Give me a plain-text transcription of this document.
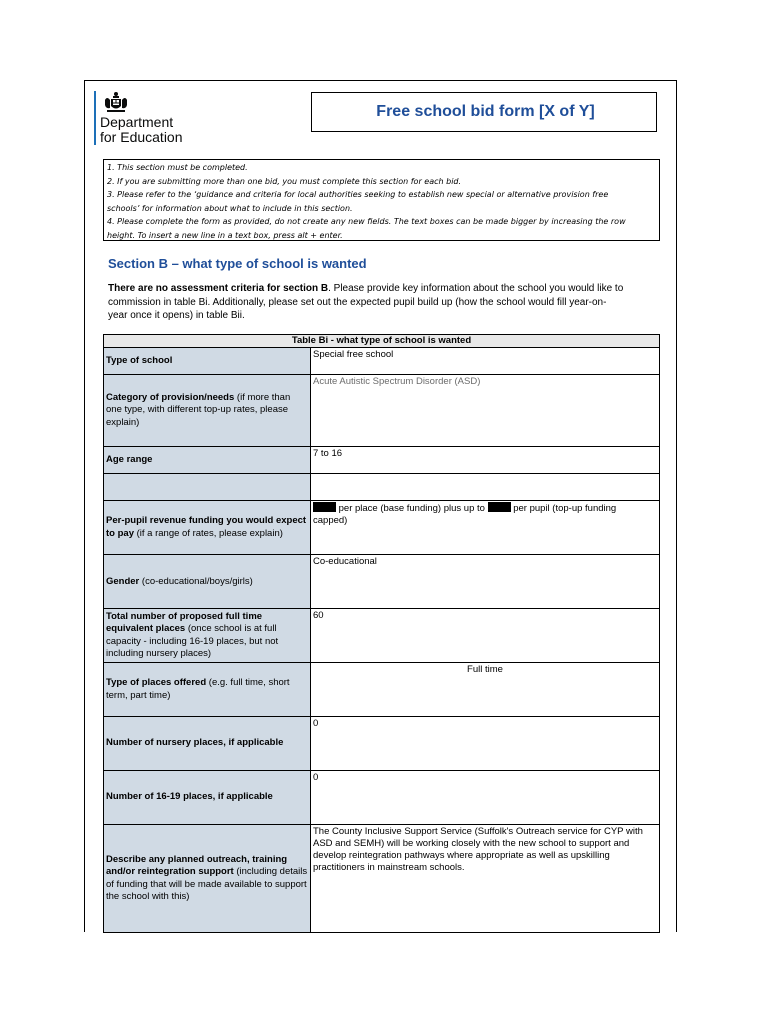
Department
for Education
Free school bid form [X of Y]
1. This section must be completed.
2. If you are submitting more than one bid, you must complete this section for each bid.
3. Please refer to the ‘guidance and criteria for local authorities seeking to establish new special or alternative provision free
schools’ for information about what to include in this section.
4. Please complete the form as provided, do not create any new fields. The text boxes can be made bigger by increasing the row
height. To insert a new line in a text box, press alt + enter.
Section B – what type of school is wanted
There are no assessment criteria for section B. Please provide key information about the school you would like to
commission in table Bi. Additionally, please set out the expected pupil build up (how the school would fill year-on-
year once it opens) in table Bii.
Table Bi - what type of school is wanted
Type of school
Special free school
Category of provision/needs (if more than one type, with different top-up rates, please explain)
Acute Autistic Spectrum Disorder (ASD)
Age range
7 to 16
Per-pupil revenue funding you would expect to pay (if a range of rates, please explain)
per place (base funding) plus up to  per pupil (top-up funding
capped)
Gender (co-educational/boys/girls)
Co-educational
Total number of proposed full time equivalent places (once school is at full capacity - including 16-19 places, but not including nursery places)
60
Type of places offered (e.g. full time, short term, part time)
Full time
Number of nursery places, if applicable
0
Number of 16-19 places, if applicable
0
Describe any planned outreach, training and/or reintegration support (including details of funding that will be made available to support the school with this)
The County Inclusive Support Service (Suffolk's Outreach service for CYP with ASD and SEMH) will be working closely with the new school to support and develop reintegration pathways where appropriate as well as upskilling practitioners in mainstream schools.
